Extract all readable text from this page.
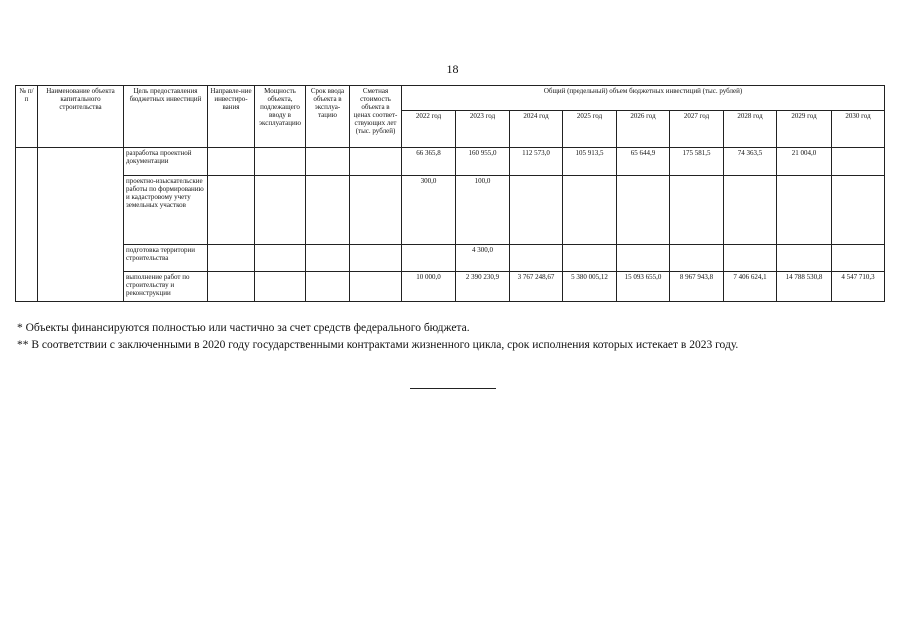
18
№ п/п	Наименование объекта капитального строительства	Цель предоставления бюджетных инвестиций	Направле-ние инвестиро-вания	Мощность объекта, подлежащего вводу в эксплуатацию	Срок ввода объекта в эксплуа-тацию	Сметная стоимость объекта в ценах соответ-ствующих лет (тыс. рублей)	Общий (предельный) объем бюджетных инвестиций (тыс. рублей)								
							2022 год	2023 год	2024 год	2025 год	2026 год	2027 год	2028 год	2029 год	2030 год
		разработка проектной документации					66 365,8	160 955,0	112 573,0	105 913,5	65 644,9	175 581,5	74 363,5	21 004,0	
		проектно-изыскательские работы по формированию и кадастровому учету земельных участков					300,0	100,0							
		подготовка территории строительства						4 300,0							
		выполнение работ по строительству и реконструкции					10 000,0	2 390 230,9	3 767 248,67	5 380 005,12	15 093 655,0	8 967 943,8	7 406 624,1	14 788 530,8	4 547 710,3
* Объекты финансируются полностью или частично за счет средств федерального бюджета.
** В соответствии с заключенными в 2020 году государственными контрактами жизненного цикла, срок исполнения которых истекает в 2023 году.
